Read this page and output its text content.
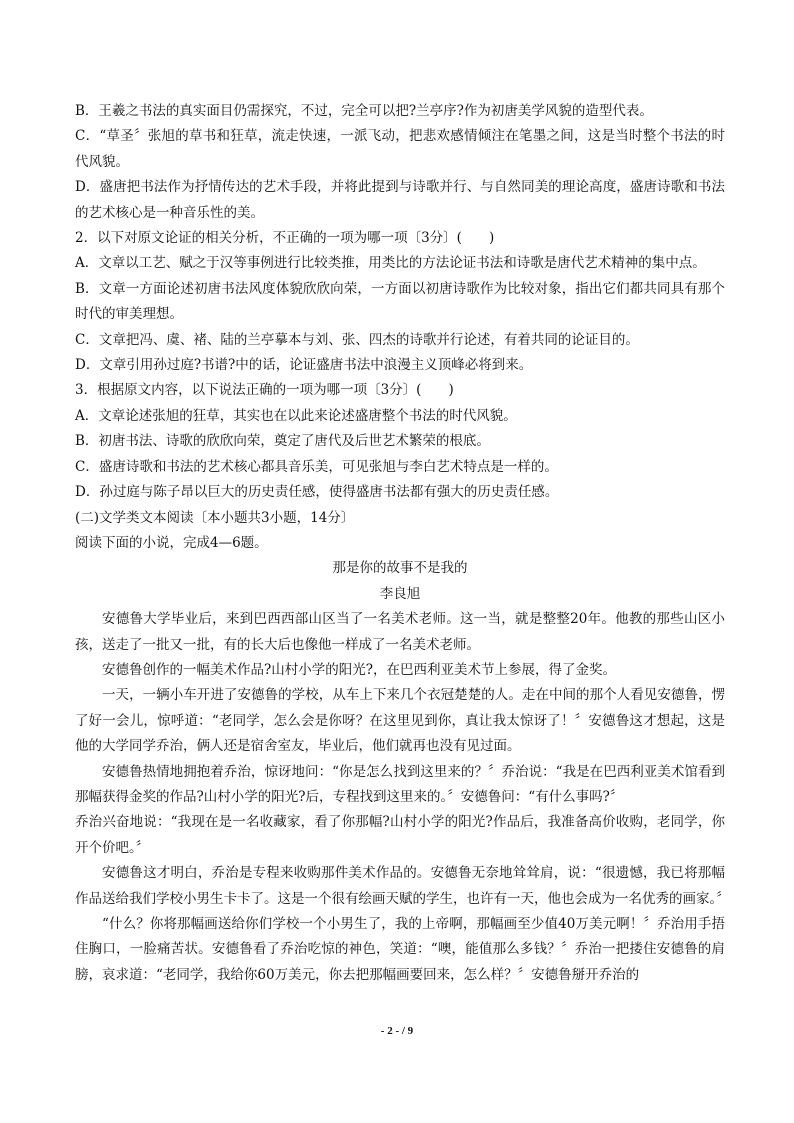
B．王羲之书法的真实面目仍需探究，不过，完全可以把?兰亭序?作为初唐美学风貌的造型代表。

C．“草圣〞张旭的草书和狂草，流走快速，一派飞动，把悲欢感情倾注在笔墨之间，这是当时整个书法的时代风貌。

D．盛唐把书法作为抒情传达的艺术手段，并将此提到与诗歌并行、与自然同美的理论高度，盛唐诗歌和书法的艺术核心是一种音乐性的美。

2．以下对原文论证的相关分析，不正确的一项为哪一项〔3分〕(　　)

A．文章以工艺、赋之于汉等事例进行比较类推，用类比的方法论证书法和诗歌是唐代艺术精神的集中点。

B．文章一方面论述初唐书法风度体貌欣欣向荣，一方面以初唐诗歌作为比较对象，指出它们都共同具有那个时代的审美理想。

C．文章把冯、虞、褚、陆的兰亭摹本与刘、张、四杰的诗歌并行论述，有着共同的论证目的。

D．文章引用孙过庭?书谱?中的话，论证盛唐书法中浪漫主义顶峰必将到来。

3．根据原文内容，以下说法正确的一项为哪一项〔3分〕(　　)

A．文章论述张旭的狂草，其实也在以此来论述盛唐整个书法的时代风貌。

B．初唐书法、诗歌的欣欣向荣，奠定了唐代及后世艺术繁荣的根底。

C．盛唐诗歌和书法的艺术核心都具音乐美，可见张旭与李白艺术特点是一样的。

D．孙过庭与陈子昂以巨大的历史责任感，使得盛唐书法都有强大的历史责任感。

(二)文学类文本阅读〔本小题共3小题，14分〕

阅读下面的小说，完成4—6题。

那是你的故事不是我的

李良旭

安德鲁大学毕业后，来到巴西西部山区当了一名美术老师。这一当，就是整整20年。他教的那些山区小孩，送走了一批又一批，有的长大后也像他一样成了一名美术老师。

安德鲁创作的一幅美术作品?山村小学的阳光?，在巴西利亚美术节上参展，得了金奖。

一天，一辆小车开进了安德鲁的学校，从车上下来几个衣冠楚楚的人。走在中间的那个人看见安德鲁，愣了好一会儿，惊呼道：“老同学，怎么会是你呀？在这里见到你，真让我太惊讶了！〞安德鲁这才想起，这是他的大学同学乔治，俩人还是宿舍室友，毕业后，他们就再也没有见过面。

安德鲁热情地拥抱着乔治，惊讶地问：“你是怎么找到这里来的？〞乔治说：“我是在巴西利亚美术馆看到那幅获得金奖的作品?山村小学的阳光?后，专程找到这里来的。〞安德鲁问：“有什么事吗?〞

乔治兴奋地说：“我现在是一名收藏家，看了你那幅?山村小学的阳光?作品后，我准备高价收购，老同学，你开个价吧。〞

安德鲁这才明白，乔治是专程来收购那件美术作品的。安德鲁无奈地耸耸肩，说：“很遗憾，我已将那幅作品送给我们学校小男生卡卡了。这是一个很有绘画天赋的学生，也许有一天，他也会成为一名优秀的画家。〞

“什么？你将那幅画送给你们学校一个小男生了，我的上帝啊，那幅画至少值40万美元啊！〞乔治用手捂住胸口，一脸痛苦状。安德鲁看了乔治吃惊的神色，笑道：“噢，能值那么多钱？〞乔治一把搂住安德鲁的肩膀，哀求道：“老同学，我给你60万美元，你去把那幅画要回来，怎么样？〞安德鲁掰开乔治的

- 2 - / 9
